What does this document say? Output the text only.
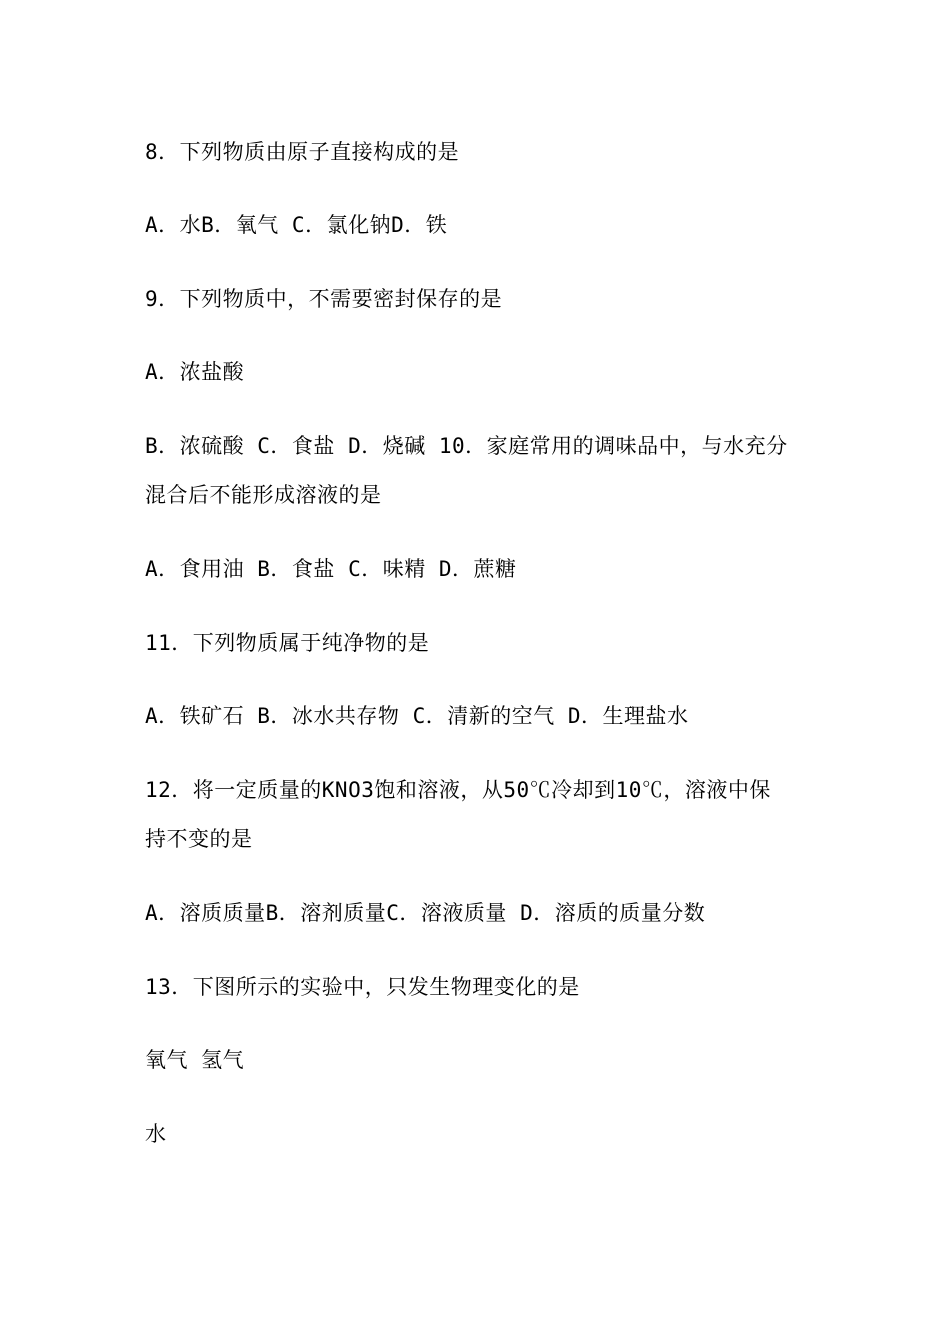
8．下列物质由原子直接构成的是
A．水B．氧气 C．氯化钠D．铁
9．下列物质中，不需要密封保存的是
A．浓盐酸
B．浓硫酸 C．食盐 D．烧碱 10．家庭常用的调味品中，与水充分
混合后不能形成溶液的是
A．食用油 B．食盐 C．味精 D．蔗糖
11．下列物质属于纯净物的是
A．铁矿石 B．冰水共存物 C．清新的空气 D．生理盐水
12．将一定质量的KNO3饱和溶液，从50℃冷却到10℃，溶液中保
持不变的是
A．溶质质量B．溶剂质量C．溶液质量 D．溶质的质量分数
13．下图所示的实验中，只发生物理变化的是
氧气 氢气
水
